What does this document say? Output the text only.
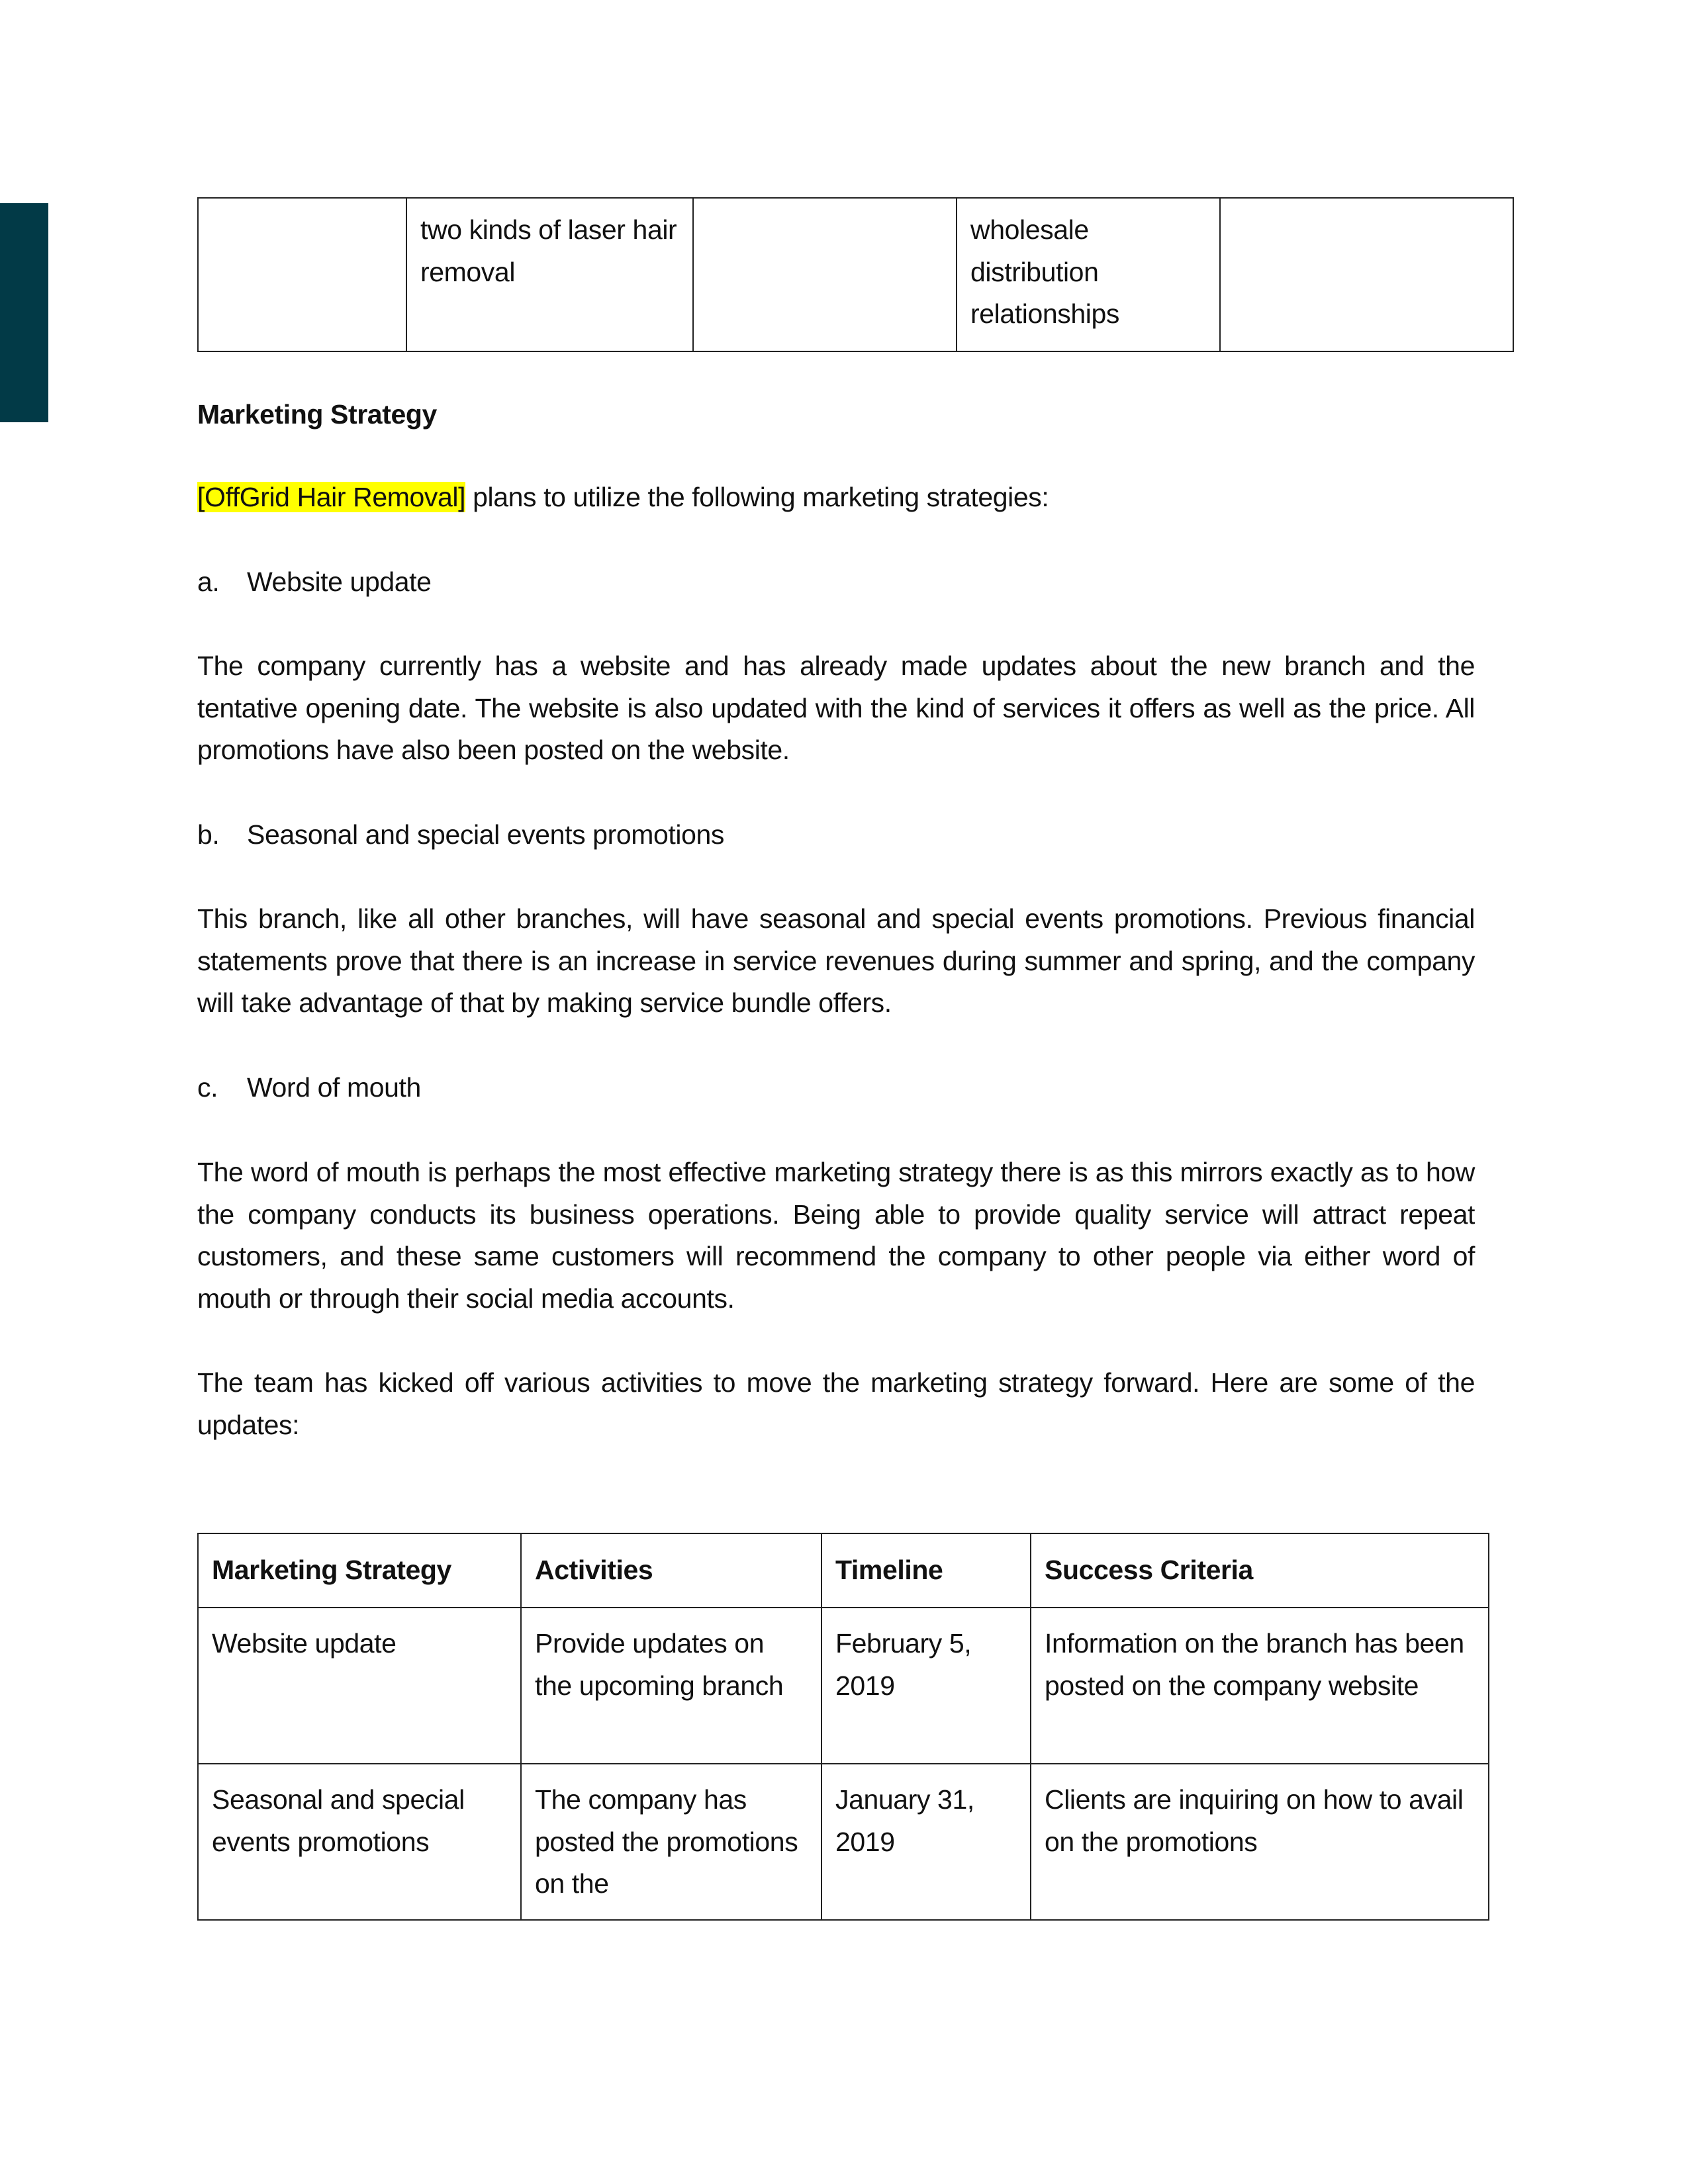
	two kinds of laser hair removal		wholesale distribution relationships	

Marketing Strategy

[OffGrid Hair Removal] plans to utilize the following marketing strategies:

a. Website update

The company currently has a website and has already made updates about the new branch and the tentative opening date. The website is also updated with the kind of services it offers as well as the price. All promotions have also been posted on the website.

b. Seasonal and special events promotions

This branch, like all other branches, will have seasonal and special events promotions. Previous financial statements prove that there is an increase in service revenues during summer and spring, and the company will take advantage of that by making service bundle offers.

c. Word of mouth

The word of mouth is perhaps the most effective marketing strategy there is as this mirrors exactly as to how the company conducts its business operations. Being able to provide quality service will attract repeat customers, and these same customers will recommend the company to other people via either word of mouth or through their social media accounts.

The team has kicked off various activities to move the marketing strategy forward. Here are some of the updates:

Marketing Strategy	Activities	Timeline	Success Criteria
Website update	Provide updates on the upcoming branch	February 5, 2019	Information on the branch has been posted on the company website
Seasonal and special events promotions	The company has posted the promotions on the	January 31, 2019	Clients are inquiring on how to avail on the promotions
